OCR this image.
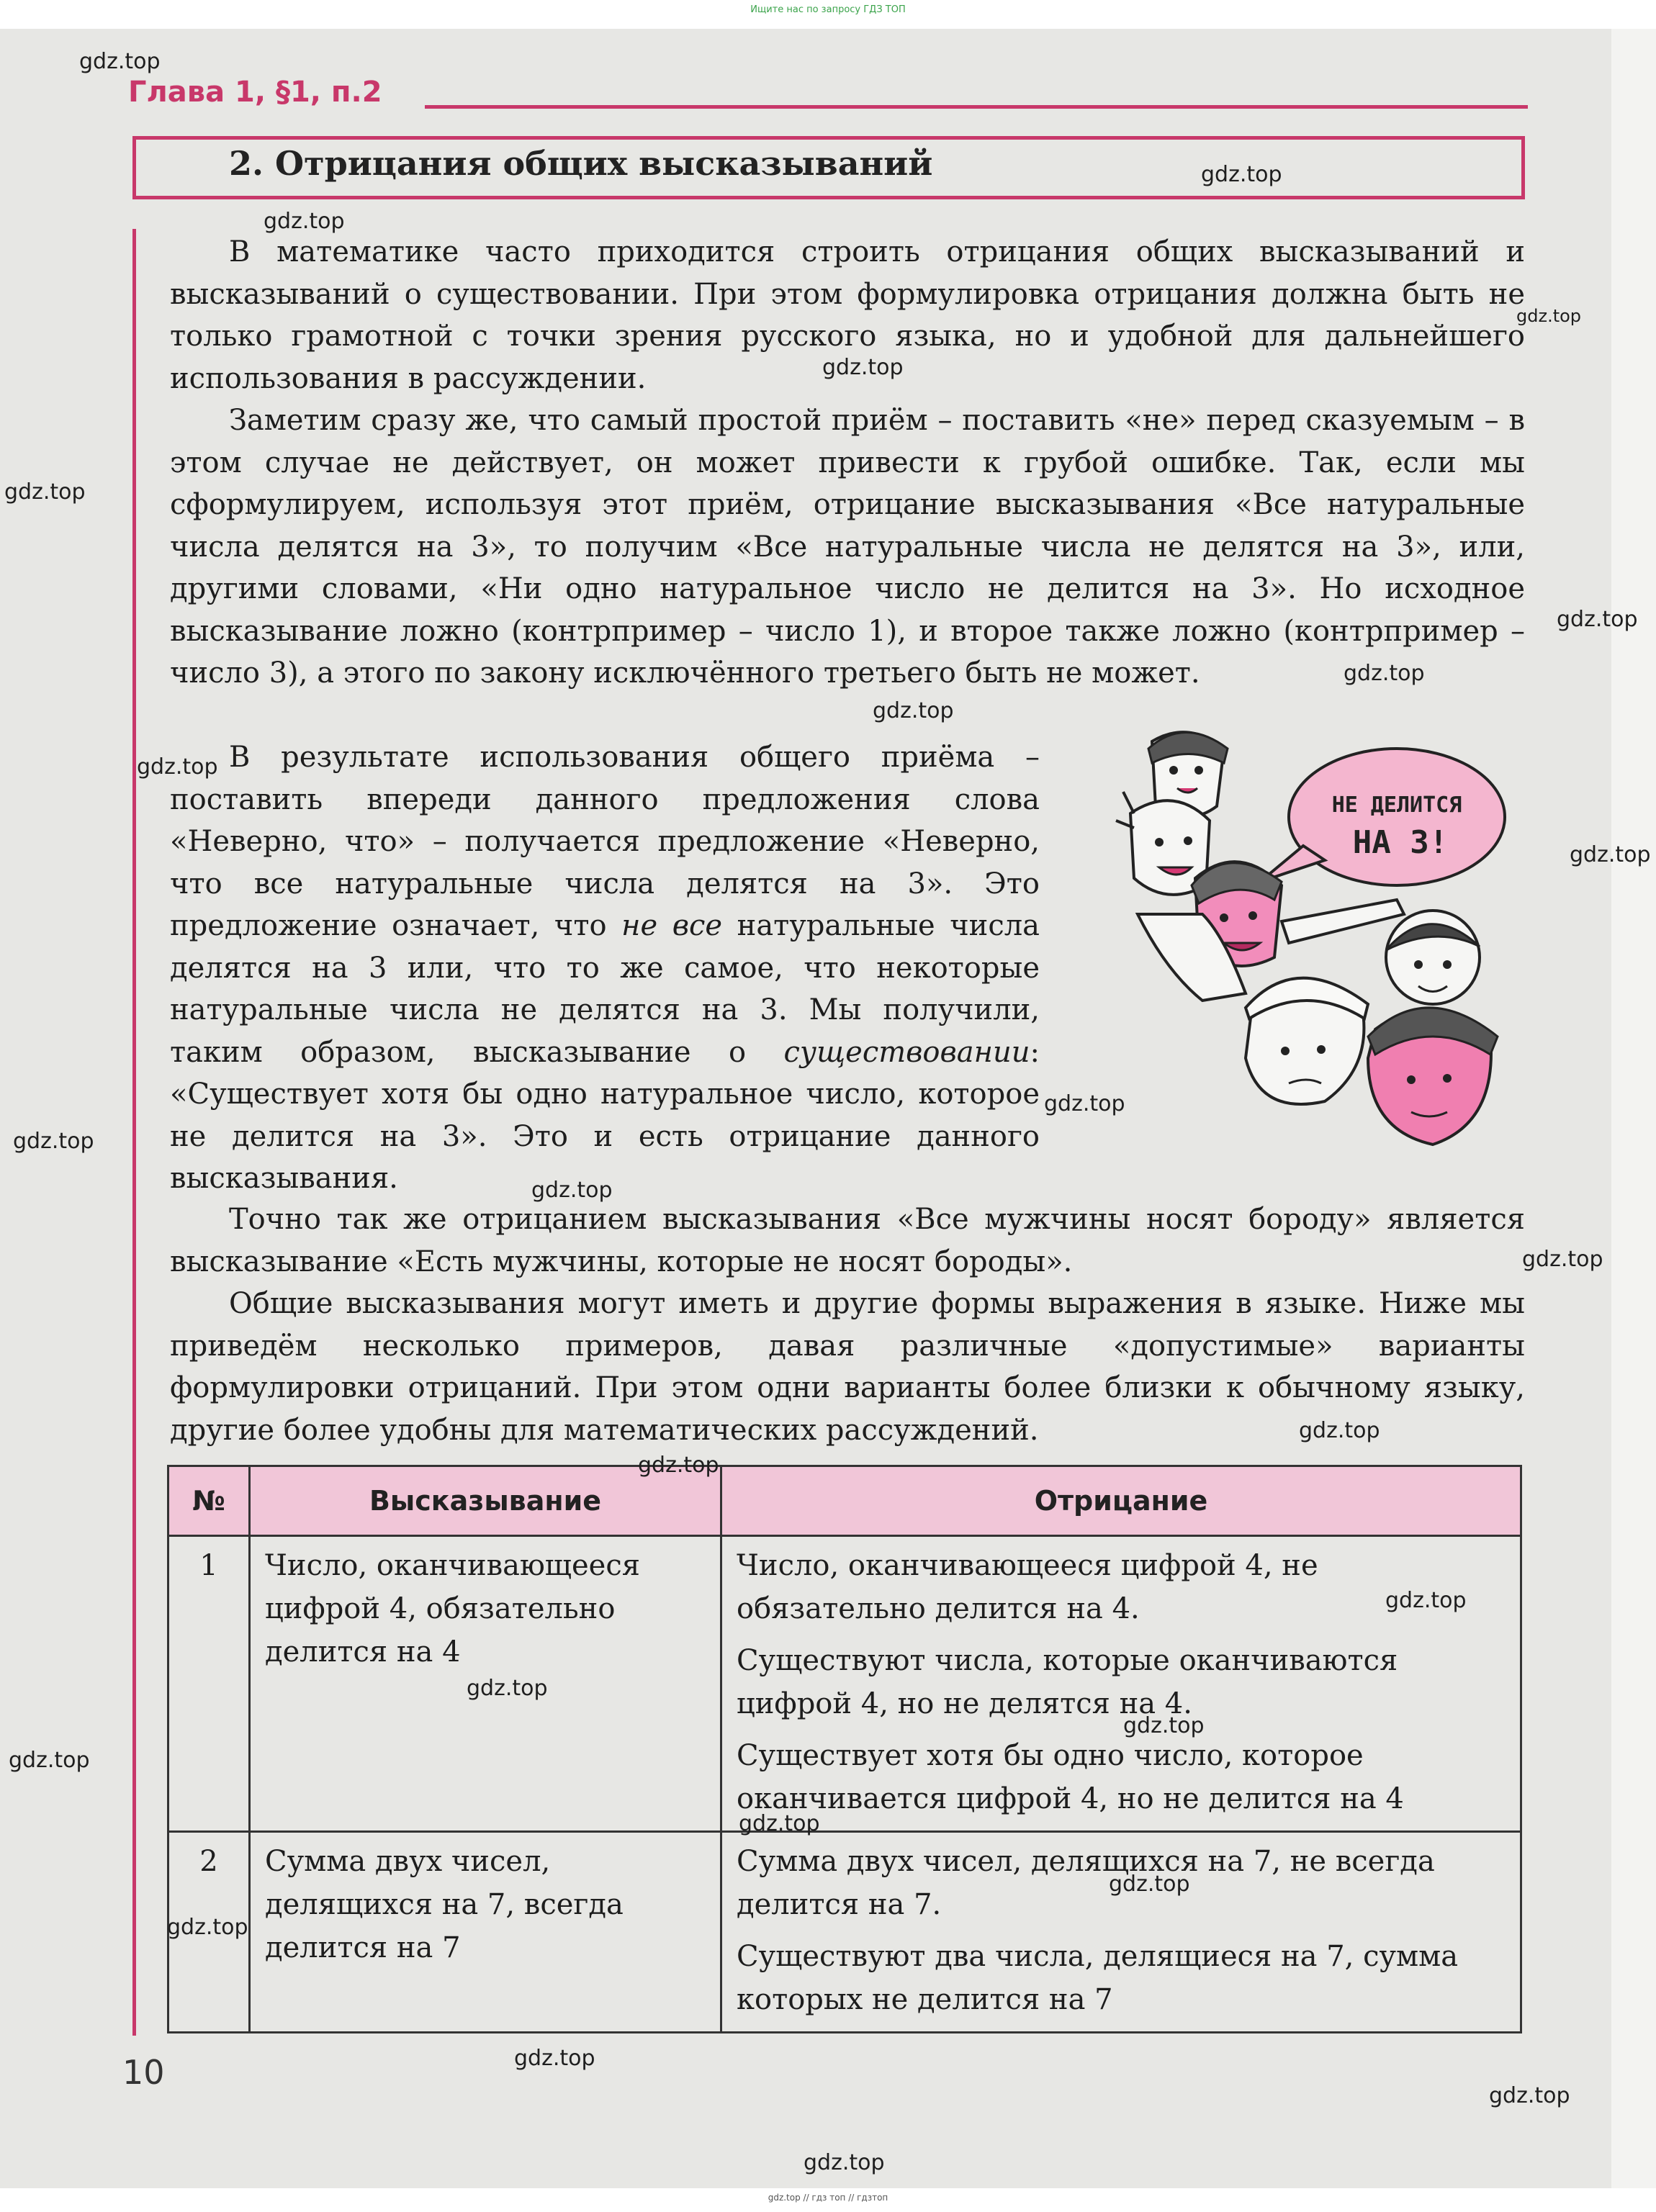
Ищите нас по запросу ГДЗ ТОП
Глава 1, §1, п.2
2. Отрицания общих высказываний

В математике часто приходится строить отрицания общих высказываний и высказываний о существовании. При этом формулировка отрицания должна быть не только грамотной с точки зрения русского языка, но и удобной для дальнейшего использования в рассуждении.

Заметим сразу же, что самый простой приём – поставить «не» перед сказуемым – в этом случае не действует, он может привести к грубой ошибке. Так, если мы сформулируем, используя этот приём, отрицание высказывания «Все натуральные числа делятся на 3», то получим «Все натуральные числа не делятся на 3», или, другими словами, «Ни одно натуральное число не делится на 3». Но исходное высказывание ложно (контрпример – число 1), и второе также ложно (контрпример – число 3), а этого по закону исключённого третьего быть не может.

В результате использования общего приёма – поставить впереди данного предложения слова «Неверно, что» – получается предложение «Неверно, что все натуральные числа делятся на 3». Это предложение означает, что не все натуральные числа делятся на 3 или, что то же самое, что некоторые натуральные числа не делятся на 3. Мы получили, таким образом, высказывание о существовании: «Существует хотя бы одно натуральное число, которое не делится на 3». Это и есть отрицание данного высказывания.

НЕ ДЕЛИТСЯ
НА 3!

Точно так же отрицанием высказывания «Все мужчины носят бороду» является высказывание «Есть мужчины, которые не носят бороды».

Общие высказывания могут иметь и другие формы выражения в языке. Ниже мы приведём несколько примеров, давая различные «допустимые» варианты формулировки отрицаний. При этом одни варианты более близки к обычному языку, другие более удобны для математических рассуждений.

№	Высказывание	Отрицание
1	Число, оканчивающееся цифрой 4, обязательно делится на 4	Число, оканчивающееся цифрой 4, не обязательно делится на 4.
Существуют числа, которые оканчиваются цифрой 4, но не делятся на 4.
Существует хотя бы одно число, которое оканчивается цифрой 4, но не делится на 4

2	Сумма двух чисел, делящихся на 7, всегда делится на 7	Сумма двух чисел, делящихся на 7, не всегда делится на 7.
Существуют два числа, делящиеся на 7, сумма которых не делится на 7
10
gdz.top
gdz.top
gdz.top
gdz.top
gdz.top
gdz.top
gdz.top
gdz.top
gdz.top
gdz.top
gdz.top
gdz.top
gdz.top
gdz.top
gdz.top
gdz.top
gdz.top
gdz.top
gdz.top
gdz.top
gdz.top
gdz.top
gdz.top
gdz.top
gdz.top
gdz.top
gdz.top
gdz.top // гдз топ // гдзтоп
